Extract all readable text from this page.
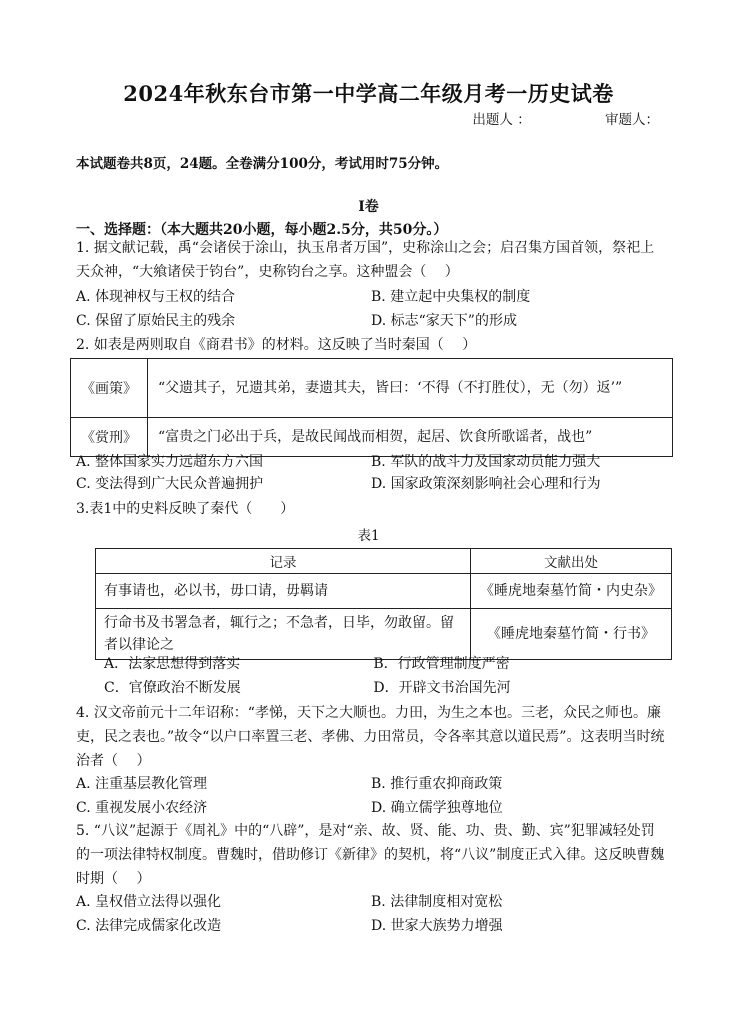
2024年秋东台市第一中学高二年级月考一历史试卷
出题人 ：	审题人：
本试题卷共8页，24题。全卷满分100分，考试用时75分钟。
I卷
一、选择题：（本大题共20小题，每小题2.5分，共50分。）
1. 据文献记载，禹“会诸侯于涂山，执玉帛者万国”，史称涂山之会；启召集方国首领，祭祀上天众神，“大飨诸侯于钧台”，史称钧台之享。这种盟会（　 ）
A. 体现神权与王权的结合	B. 建立起中央集权的制度
C. 保留了原始民主的残余	D. 标志“家天下”的形成
2. 如表是两则取自《商君书》的材料。这反映了当时秦国（　 ）
《画策》	“父遗其子，兄遗其弟，妻遗其夫，皆曰：‘不得（不打胜仗），无（勿）返’”
《赏刑》	“富贵之门必出于兵，是故民闻战而相贺，起居、饮食所歌谣者，战也”
A. 整体国家实力远超东方六国	B. 军队的战斗力及国家动员能力强大
C. 变法得到广大民众普遍拥护	D. 国家政策深刻影响社会心理和行为
3.表1中的史料反映了秦代（　　）
表1
记录	文献出处
有事请也，必以书，毋口请，毋羁请	《睡虎地秦墓竹简・内史杂》
行命书及书署急者，辄行之；不急者，日毕，勿敢留。留者以律论之	《睡虎地秦墓竹简・行书》
A．法家思想得到落实	B．行政管理制度严密
C．官僚政治不断发展	D．开辟文书治国先河
4. 汉文帝前元十二年诏称：“孝悌，天下之大顺也。力田，为生之本也。三老，众民之师也。廉吏，民之表也。”故令“以户口率置三老、孝佛、力田常员，令各率其意以道民焉”。这表明当时统治者（　 ）
A. 注重基层教化管理	B. 推行重农抑商政策
C. 重视发展小农经济	D. 确立儒学独尊地位
5. “八议”起源于《周礼》中的“八辟”，是对“亲、故、贤、能、功、贵、勤、宾”犯罪减轻处罚的一项法律特权制度。曹魏时，借助修订《新律》的契机，将“八议”制度正式入律。这反映曹魏时期（　 ）
A. 皇权借立法得以强化	B. 法律制度相对宽松
C. 法律完成儒家化改造	D. 世家大族势力增强
